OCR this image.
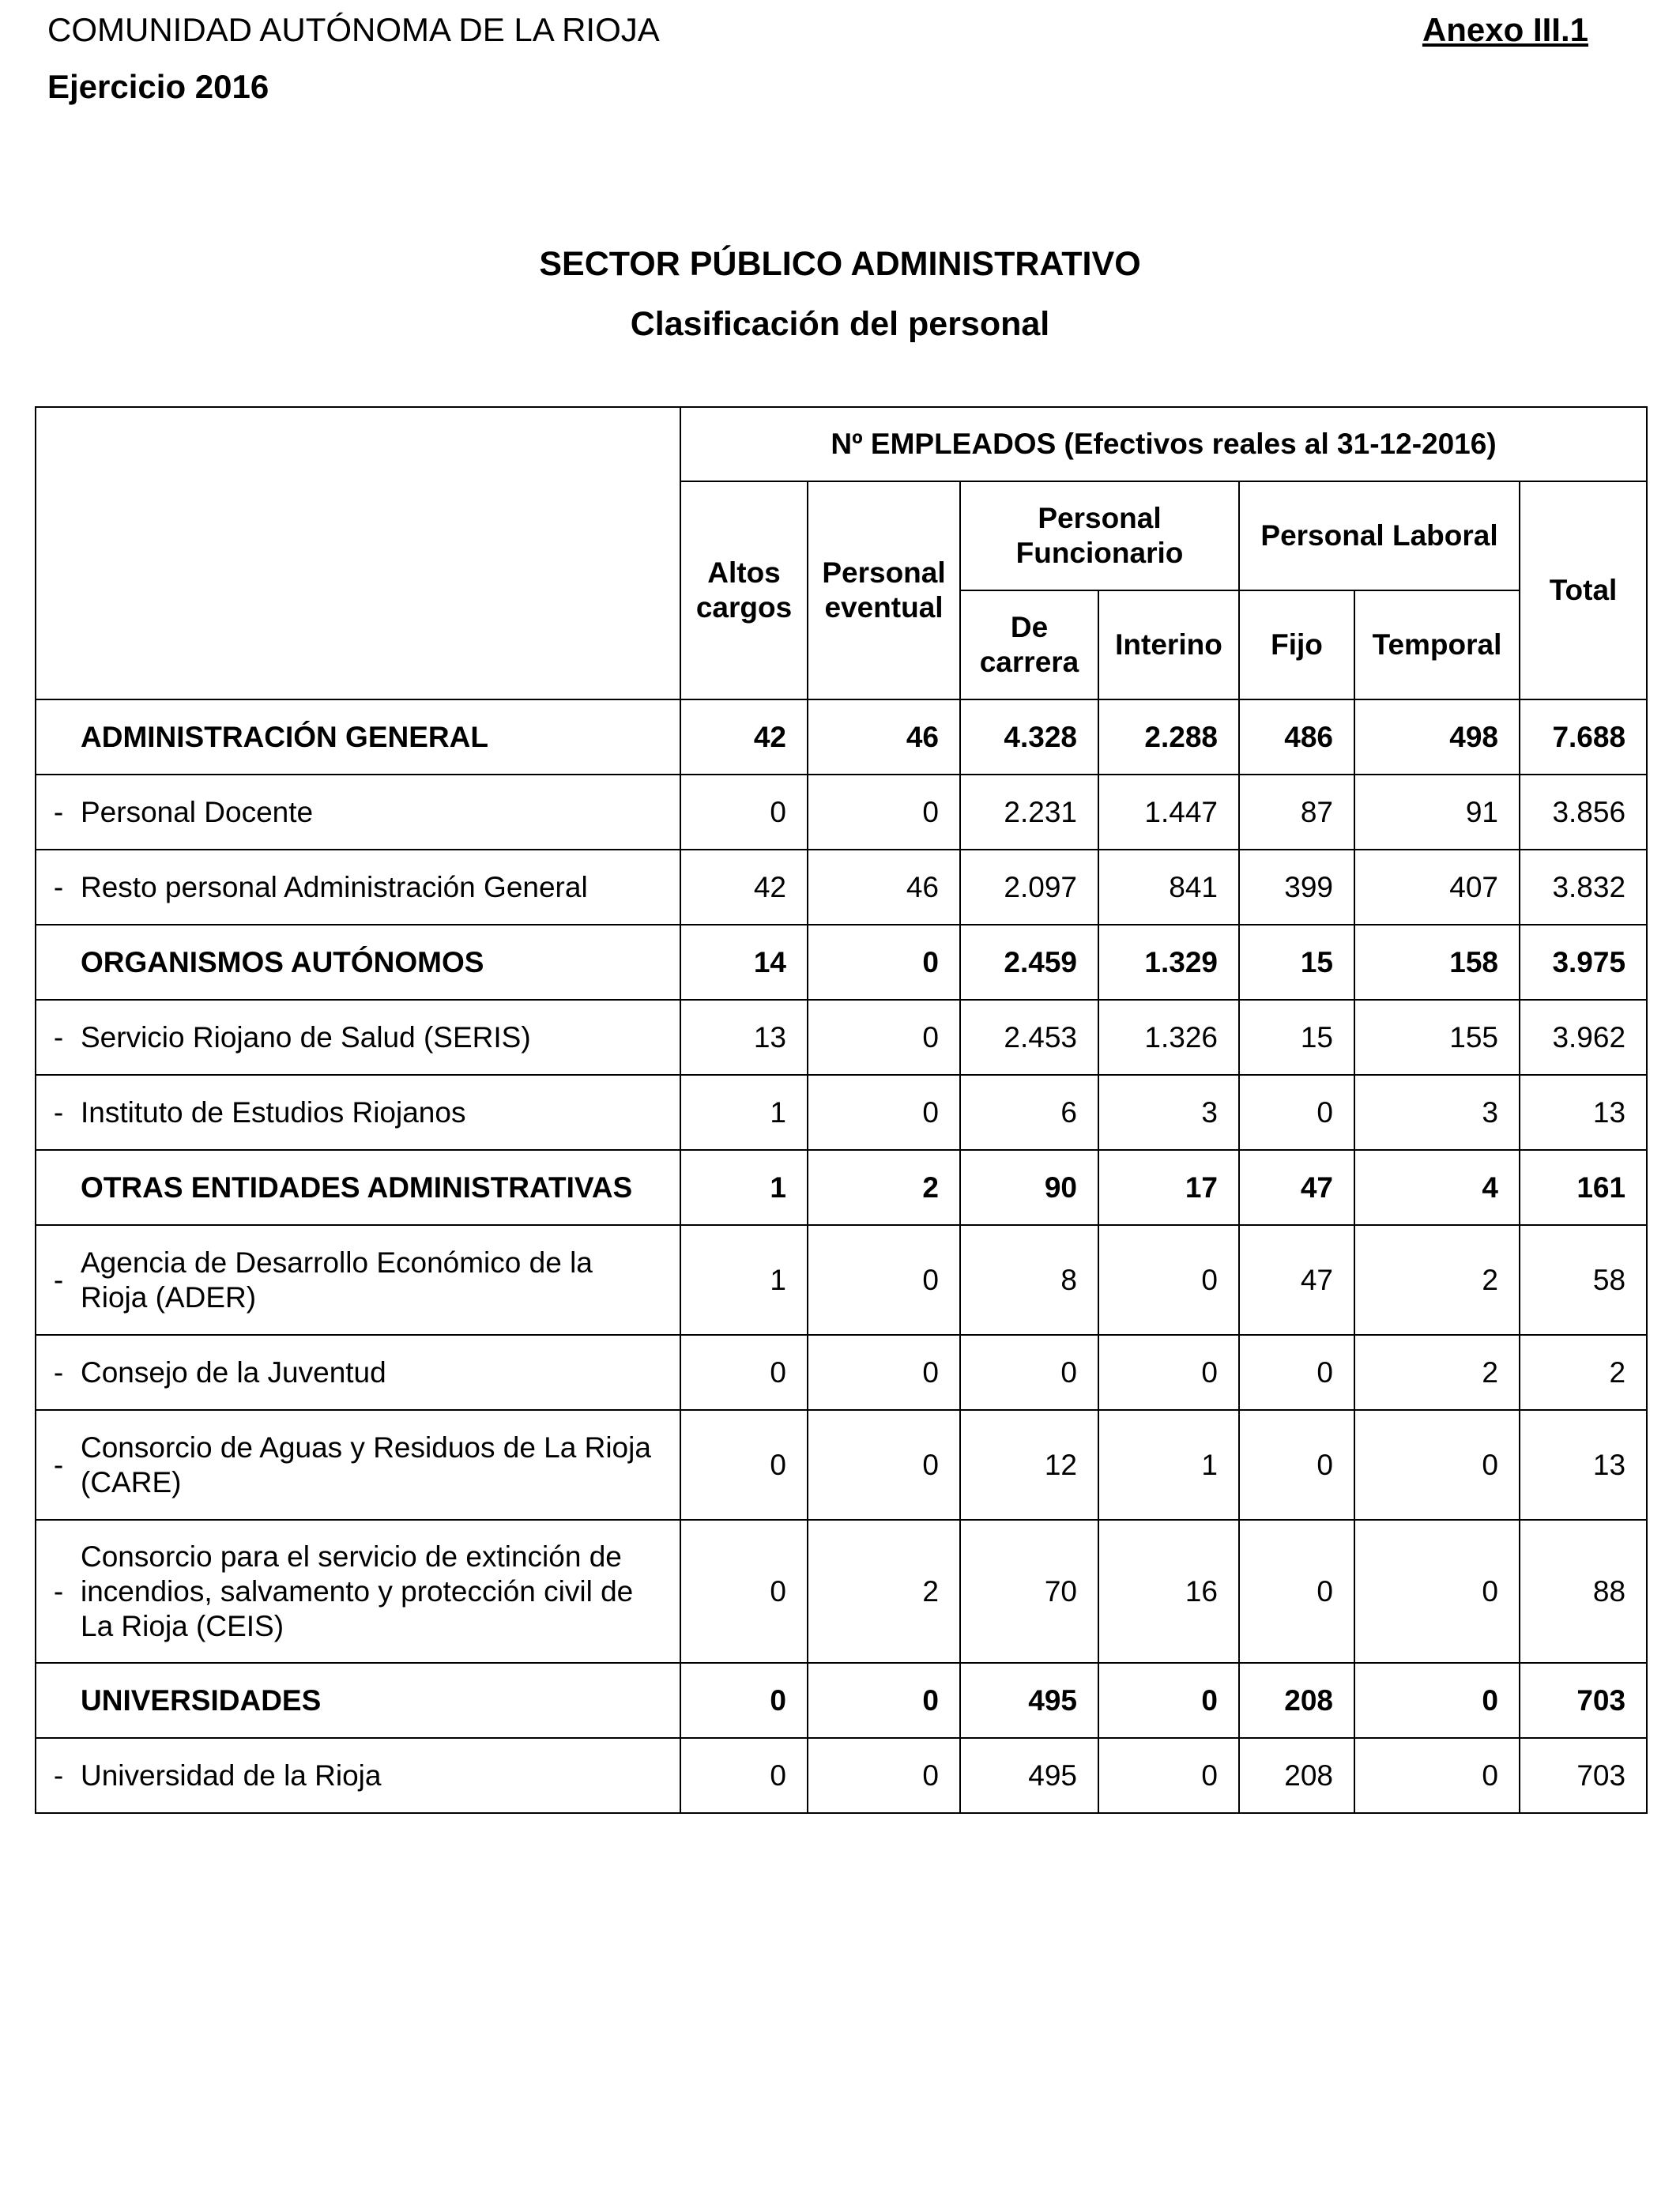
COMUNIDAD AUTÓNOMA DE LA RIOJA	Anexo III.1
Ejercicio 2016
SECTOR PÚBLICO ADMINISTRATIVO
Clasificación del personal
	Nº EMPLEADOS (Efectivos reales al 31-12-2016)						
	Altos cargos	Personal eventual	Personal Funcionario		Personal Laboral		Total
			De carrera	Interino	Fijo	Temporal	

ADMINISTRACIÓN GENERAL	42	46	4.328	2.288	486	498	7.688

- Personal Docente	0	0	2.231	1.447	87	91	3.856

- Resto personal Administración General	42	46	2.097	841	399	407	3.832

ORGANISMOS AUTÓNOMOS	14	0	2.459	1.329	15	158	3.975

- Servicio Riojano de Salud (SERIS)	13	0	2.453	1.326	15	155	3.962

- Instituto de Estudios Riojanos	1	0	6	3	0	3	13

OTRAS ENTIDADES ADMINISTRATIVAS	1	2	90	17	47	4	161

-
Agencia de Desarrollo Económico de la Rioja (ADER)	1	0	8	0	47	2	58

- Consejo de la Juventud	0	0	0	0	0	2	2

-
Consorcio de Aguas y Residuos de La Rioja (CARE)	0	0	12	1	0	0	13

-
Consorcio para el servicio de extinción de incendios, salvamento y protección civil de La Rioja (CEIS)	0	2	70	16	0	0	88

UNIVERSIDADES	0	0	495	0	208	0	703

- Universidad de la Rioja	0	0	495	0	208	0	703
